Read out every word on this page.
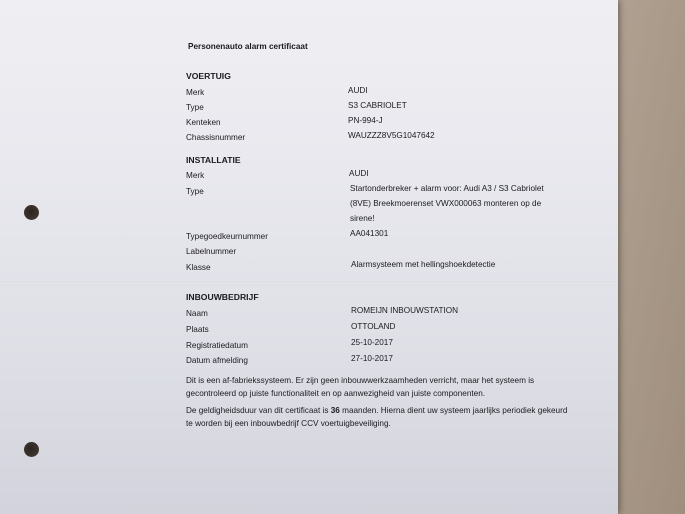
Personenauto alarm certificaat
VOERTUIG
Merk	AUDI
Type	S3 CABRIOLET
Kenteken	PN-994-J
Chassisnummer	WAUZZZ8V5G1047642
INSTALLATIE
Merk	AUDI
Type	Startonderbreker + alarm voor: Audi A3 / S3 Cabriolet
(8VE) Breekmoerenset VWX000063 monteren op de
sirene!
Typegoedkeurnummer	AA041301
Labelnummer
Klasse	Alarmsysteem met hellingshoekdetectie
INBOUWBEDRIJF
Naam	ROMEIJN INBOUWSTATION
Plaats	OTTOLAND
Registratiedatum	25-10-2017
Datum afmelding	27-10-2017
Dit is een af-fabriekssysteem. Er zijn geen inbouwwerkzaamheden verricht, maar het systeem is
gecontroleerd op juiste functionaliteit en op aanwezigheid van juiste componenten.
De geldigheidsduur van dit certificaat is 36 maanden. Hierna dient uw systeem jaarlijks periodiek gekeurd
te worden bij een inbouwbedrijf CCV voertuigbeveiliging.
